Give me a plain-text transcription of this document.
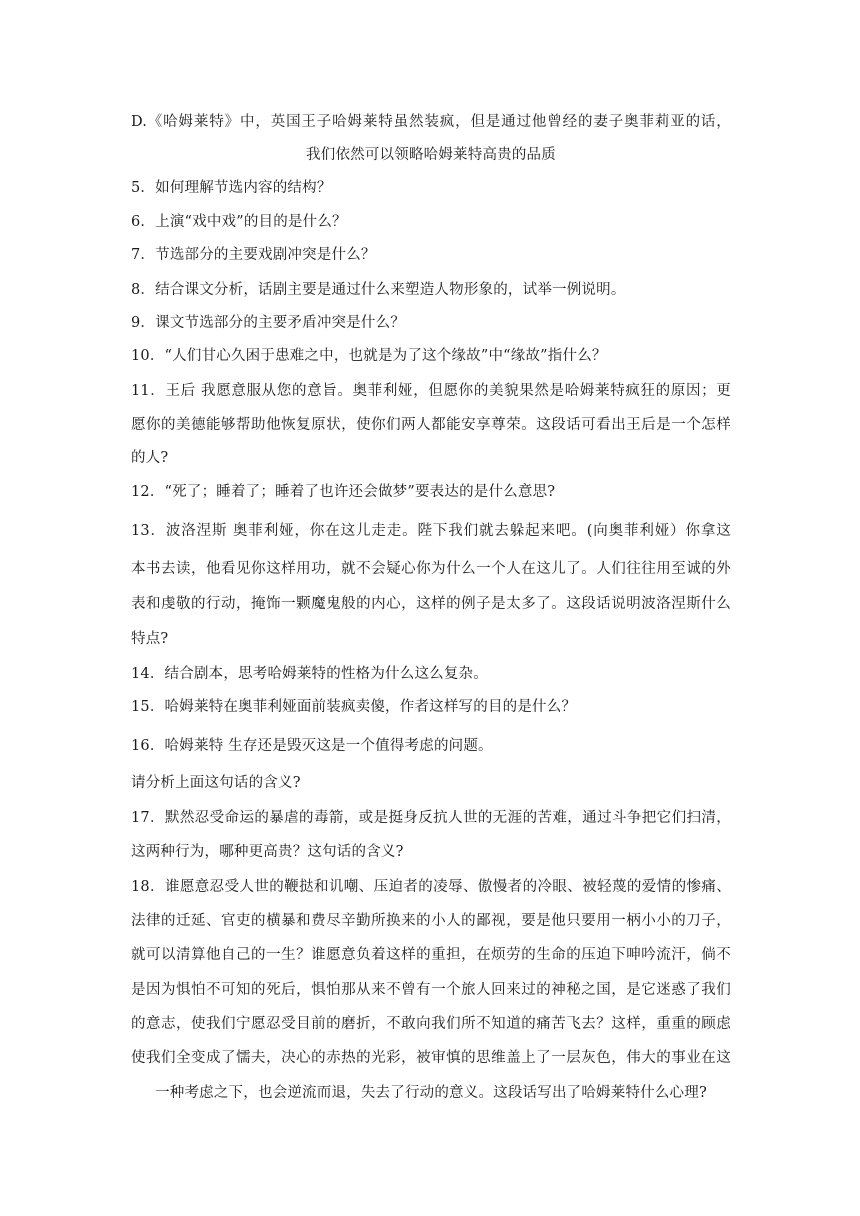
D.《哈姆莱特》中，英国王子哈姆莱特虽然装疯，但是通过他曾经的妻子奥菲莉亚的话，
我们依然可以领略哈姆莱特高贵的品质
5．如何理解节选内容的结构？
6．上演“戏中戏”的目的是什么？
7．节选部分的主要戏剧冲突是什么？
8．结合课文分析，话剧主要是通过什么来塑造人物形象的，试举一例说明。
9．课文节选部分的主要矛盾冲突是什么？
10．“人们甘心久困于患难之中，也就是为了这个缘故”中“缘故”指什么？
11．王后 我愿意服从您的意旨。奥菲利娅，但愿你的美貌果然是哈姆莱特疯狂的原因；更
愿你的美德能够帮助他恢复原状，使你们两人都能安享尊荣。这段话可看出王后是一个怎样
的人?
12．“死了；睡着了；睡着了也许还会做梦”要表达的是什么意思?
13．波洛涅斯 奥菲利娅，你在这儿走走。陛下我们就去躲起来吧。(向奥菲利娅）你拿这
本书去读，他看见你这样用功，就不会疑心你为什么一个人在这儿了。人们往往用至诚的外
表和虔敬的行动，掩饰一颗魔鬼般的内心，这样的例子是太多了。这段话说明波洛涅斯什么
特点?
14．结合剧本，思考哈姆莱特的性格为什么这么复杂。
15．哈姆莱特在奥菲利娅面前装疯卖傻，作者这样写的目的是什么？
16．哈姆莱特 生存还是毁灭这是一个值得考虑的问题。
请分析上面这句话的含义?
17．默然忍受命运的暴虐的毒箭，或是挺身反抗人世的无涯的苦难，通过斗争把它们扫清，
这两种行为，哪种更高贵？这句话的含义?
18．谁愿意忍受人世的鞭挞和讥嘲、压迫者的凌辱、傲慢者的冷眼、被轻蔑的爱情的惨痛、
法律的迁延、官吏的横暴和费尽辛勤所换来的小人的鄙视，要是他只要用一柄小小的刀子，
就可以清算他自己的一生？谁愿意负着这样的重担，在烦劳的生命的压迫下呻吟流汗，倘不
是因为惧怕不可知的死后，惧怕那从来不曾有一个旅人回来过的神秘之国，是它迷惑了我们
的意志，使我们宁愿忍受目前的磨折，不敢向我们所不知道的痛苦飞去？这样，重重的顾虑
使我们全变成了懦夫，决心的赤热的光彩，被审慎的思维盖上了一层灰色，伟大的事业在这
一种考虑之下，也会逆流而退，失去了行动的意义。这段话写出了哈姆莱特什么心理?
